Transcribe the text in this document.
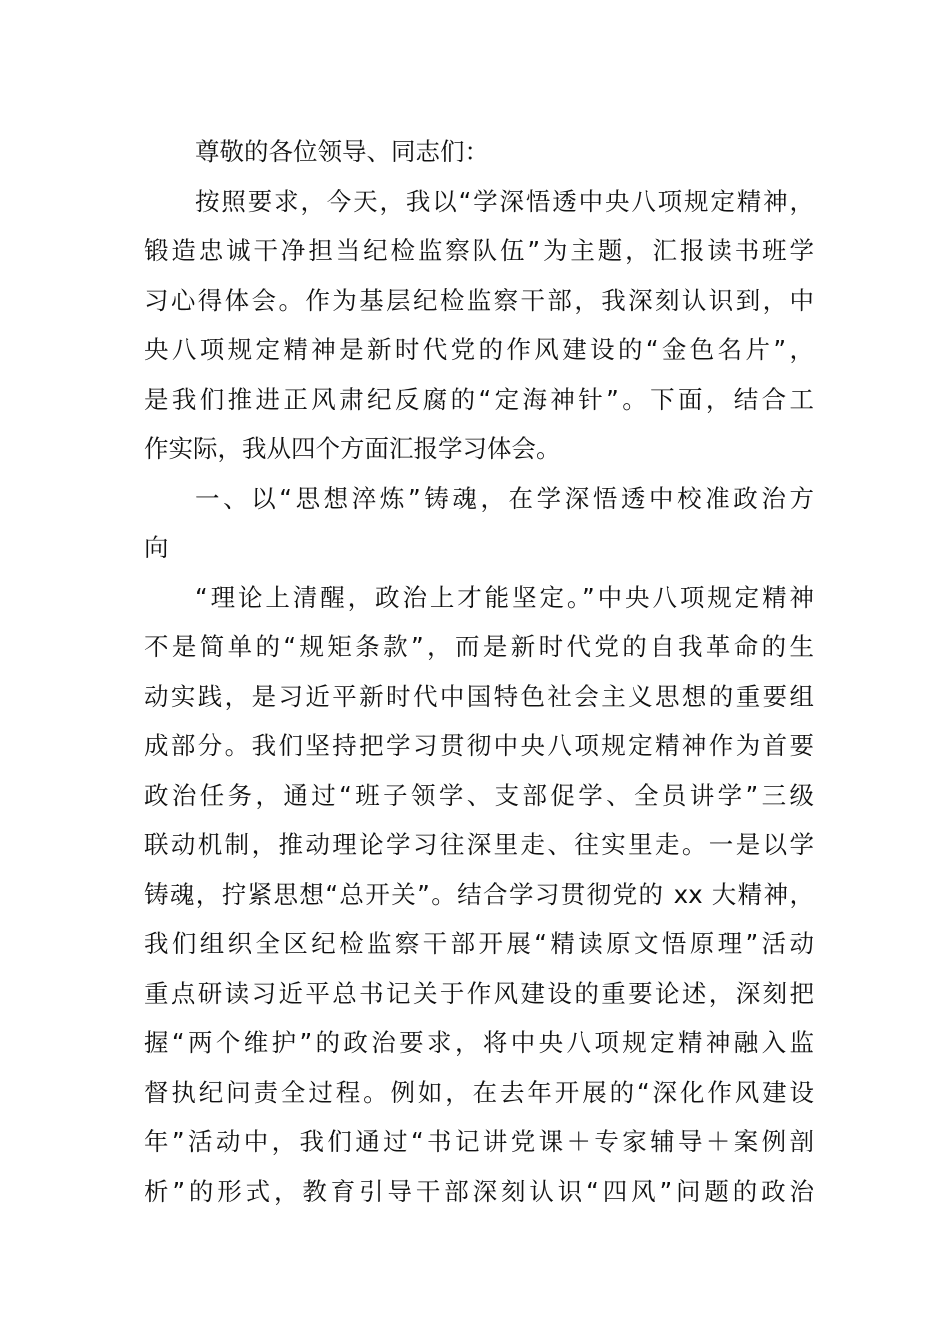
尊敬的各位领导、同志们：
按照要求，今天，我以“学深悟透中央八项规定精神，
锻造忠诚干净担当纪检监察队伍”为主题，汇报读书班学
习心得体会。作为基层纪检监察干部，我深刻认识到，中
央八项规定精神是新时代党的作风建设的“金色名片”，
是我们推进正风肃纪反腐的“定海神针”。下面，结合工
作实际，我从四个方面汇报学习体会。
一、以“思想淬炼”铸魂，在学深悟透中校准政治方
向
“理论上清醒，政治上才能坚定。”中央八项规定精神
不是简单的“规矩条款”，而是新时代党的自我革命的生
动实践，是习近平新时代中国特色社会主义思想的重要组
成部分。我们坚持把学习贯彻中央八项规定精神作为首要
政治任务，通过“班子领学、支部促学、全员讲学”三级
联动机制，推动理论学习往深里走、往实里走。一是以学
铸魂，拧紧思想“总开关”。结合学习贯彻党的 xx 大精神，
我们组织全区纪检监察干部开展“精读原文悟原理”活动
重点研读习近平总书记关于作风建设的重要论述，深刻把
握“两个维护”的政治要求，将中央八项规定精神融入监
督执纪问责全过程。例如，在去年开展的“深化作风建设
年”活动中，我们通过“书记讲党课＋专家辅导＋案例剖
析”的形式，教育引导干部深刻认识“四风”问题的政治
